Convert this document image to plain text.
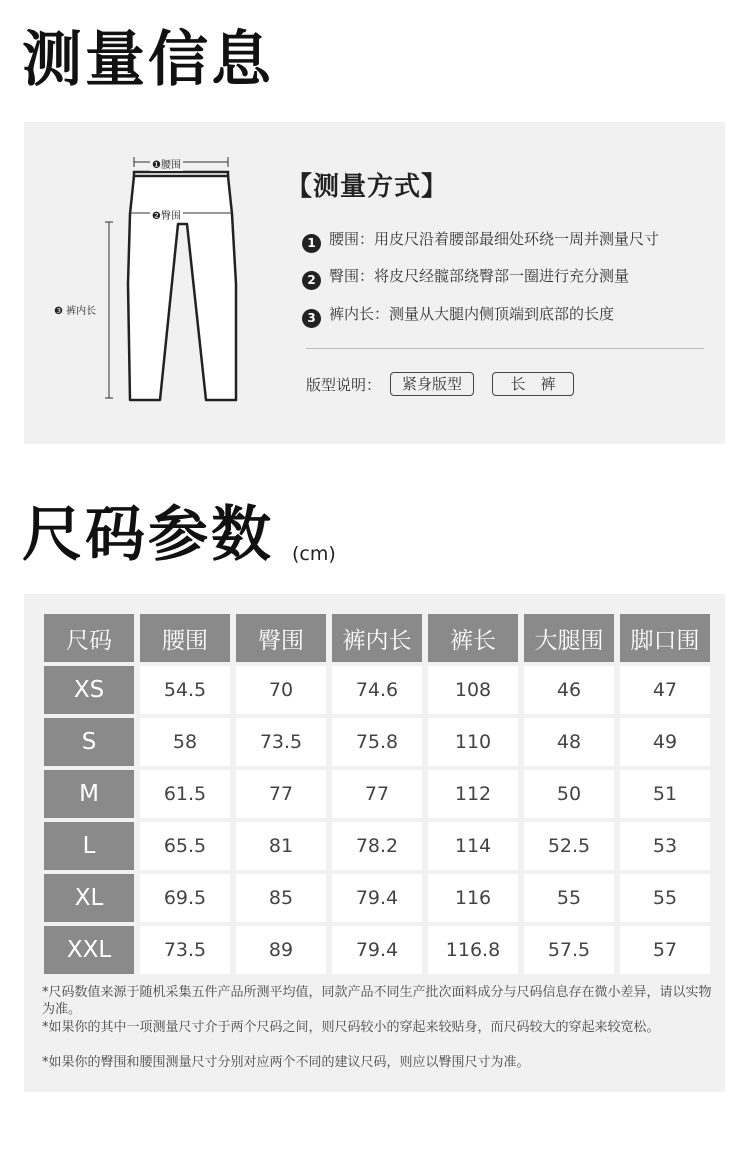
测量信息
❶腰围
❷臀围
❸ 裤内长
【测量方式】
1 腰围：用皮尺沿着腰部最细处环绕一周并测量尺寸
2 臀围：将皮尺经髋部绕臀部一圈进行充分测量
3 裤内长：测量从大腿内侧顶端到底部的长度
版型说明：	紧身版型	长　裤
尺码参数 (cm)
尺码	腰围	臀围	裤内长	裤长	大腿围	脚口围
XS	54.5	70	74.6	108	46	47
S	58	73.5	75.8	110	48	49
M	61.5	77	77	112	50	51
L	65.5	81	78.2	114	52.5	53
XL	69.5	85	79.4	116	55	55
XXL	73.5	89	79.4	116.8	57.5	57
*尺码数值来源于随机采集五件产品所测平均值，同款产品不同生产批次面料成分与尺码信息存在微小差异，请以实物为准。
*如果你的其中一项测量尺寸介于两个尺码之间，则尺码较小的穿起来较贴身，而尺码较大的穿起来较宽松。
*如果你的臀围和腰围测量尺寸分别对应两个不同的建议尺码，则应以臀围尺寸为准。
